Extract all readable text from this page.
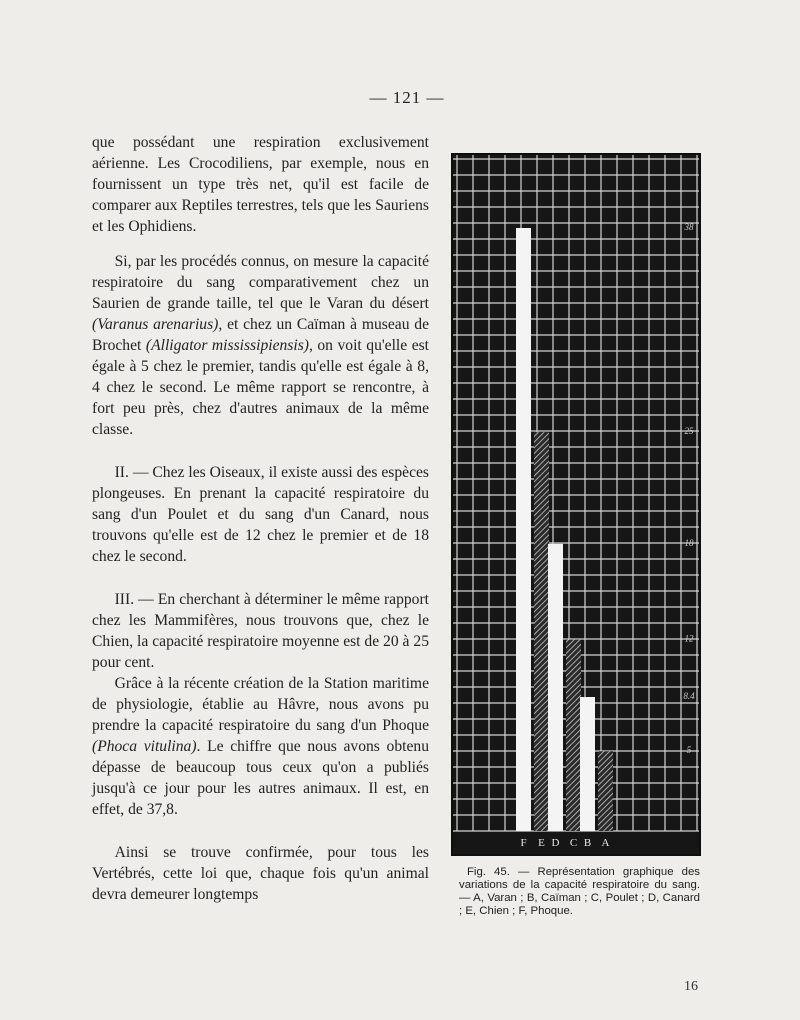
— 121 —

que possédant une respiration exclusivement aérienne. Les Crocodiliens, par exemple, nous en fournissent un type très net, qu'il est facile de comparer aux Reptiles terrestres, tels que les Sauriens et les Ophidiens.

Si, par les procédés connus, on mesure la capacité respiratoire du sang comparativement chez un Saurien de grande taille, tel que le Varan du désert (Varanus arenarius), et chez un Caïman à museau de Brochet (Alligator mississipiensis), on voit qu'elle est égale à 5 chez le premier, tandis qu'elle est égale à 8, 4 chez le second. Le même rapport se rencontre, à fort peu près, chez d'autres animaux de la même classe.

II. — Chez les Oiseaux, il existe aussi des espèces plongeuses. En prenant la capacité respiratoire du sang d'un Poulet et du sang d'un Canard, nous trouvons qu'elle est de 12 chez le premier et de 18 chez le second.

III. — En cherchant à déterminer le même rapport chez les Mammifères, nous trouvons que, chez le Chien, la capacité respiratoire moyenne est de 20 à 25 pour cent.

Grâce à la récente création de la Station maritime de physiologie, établie au Hâvre, nous avons pu prendre la capacité respiratoire du sang d'un Phoque (Phoca vitulina). Le chiffre que nous avons obtenu dépasse de beaucoup tous ceux qu'on a publiés jusqu'à ce jour pour les autres animaux. Il est, en effet, de 37,8.

Ainsi se trouve confirmée, pour tous les Vertébrés, cette loi que, chaque fois qu'un animal devra demeurer longtemps

38
25
18
12
8.4
5
F E D C B A

Fig. 45. — Représentation graphique des variations de la capacité respiratoire du sang. — A, Varan ; B, Caïman ; C, Poulet ; D, Canard ; E, Chien ; F, Phoque.

16
